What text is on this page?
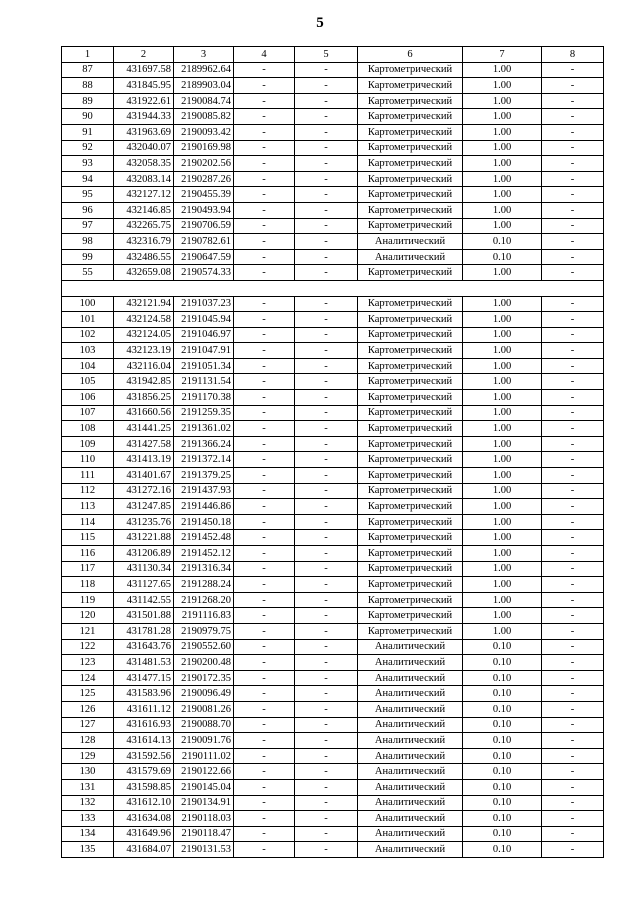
5
1	2	3	4	5	6	7	8
87	431697.58	2189962.64	-	-	Картометрический	1.00	-
88	431845.95	2189903.04	-	-	Картометрический	1.00	-
89	431922.61	2190084.74	-	-	Картометрический	1.00	-
90	431944.33	2190085.82	-	-	Картометрический	1.00	-
91	431963.69	2190093.42	-	-	Картометрический	1.00	-
92	432040.07	2190169.98	-	-	Картометрический	1.00	-
93	432058.35	2190202.56	-	-	Картометрический	1.00	-
94	432083.14	2190287.26	-	-	Картометрический	1.00	-
95	432127.12	2190455.39	-	-	Картометрический	1.00	-
96	432146.85	2190493.94	-	-	Картометрический	1.00	-
97	432265.75	2190706.59	-	-	Картометрический	1.00	-
98	432316.79	2190782.61	-	-	Аналитический	0.10	-
99	432486.55	2190647.59	-	-	Аналитический	0.10	-
55	432659.08	2190574.33	-	-	Картометрический	1.00	-

100	432121.94	2191037.23	-	-	Картометрический	1.00	-
101	432124.58	2191045.94	-	-	Картометрический	1.00	-
102	432124.05	2191046.97	-	-	Картометрический	1.00	-
103	432123.19	2191047.91	-	-	Картометрический	1.00	-
104	432116.04	2191051.34	-	-	Картометрический	1.00	-
105	431942.85	2191131.54	-	-	Картометрический	1.00	-
106	431856.25	2191170.38	-	-	Картометрический	1.00	-
107	431660.56	2191259.35	-	-	Картометрический	1.00	-
108	431441.25	2191361.02	-	-	Картометрический	1.00	-
109	431427.58	2191366.24	-	-	Картометрический	1.00	-
110	431413.19	2191372.14	-	-	Картометрический	1.00	-
111	431401.67	2191379.25	-	-	Картометрический	1.00	-
112	431272.16	2191437.93	-	-	Картометрический	1.00	-
113	431247.85	2191446.86	-	-	Картометрический	1.00	-
114	431235.76	2191450.18	-	-	Картометрический	1.00	-
115	431221.88	2191452.48	-	-	Картометрический	1.00	-
116	431206.89	2191452.12	-	-	Картометрический	1.00	-
117	431130.34	2191316.34	-	-	Картометрический	1.00	-
118	431127.65	2191288.24	-	-	Картометрический	1.00	-
119	431142.55	2191268.20	-	-	Картометрический	1.00	-
120	431501.88	2191116.83	-	-	Картометрический	1.00	-
121	431781.28	2190979.75	-	-	Картометрический	1.00	-
122	431643.76	2190552.60	-	-	Аналитический	0.10	-
123	431481.53	2190200.48	-	-	Аналитический	0.10	-
124	431477.15	2190172.35	-	-	Аналитический	0.10	-
125	431583.96	2190096.49	-	-	Аналитический	0.10	-
126	431611.12	2190081.26	-	-	Аналитический	0.10	-
127	431616.93	2190088.70	-	-	Аналитический	0.10	-
128	431614.13	2190091.76	-	-	Аналитический	0.10	-
129	431592.56	2190111.02	-	-	Аналитический	0.10	-
130	431579.69	2190122.66	-	-	Аналитический	0.10	-
131	431598.85	2190145.04	-	-	Аналитический	0.10	-
132	431612.10	2190134.91	-	-	Аналитический	0.10	-
133	431634.08	2190118.03	-	-	Аналитический	0.10	-
134	431649.96	2190118.47	-	-	Аналитический	0.10	-
135	431684.07	2190131.53	-	-	Аналитический	0.10	-
